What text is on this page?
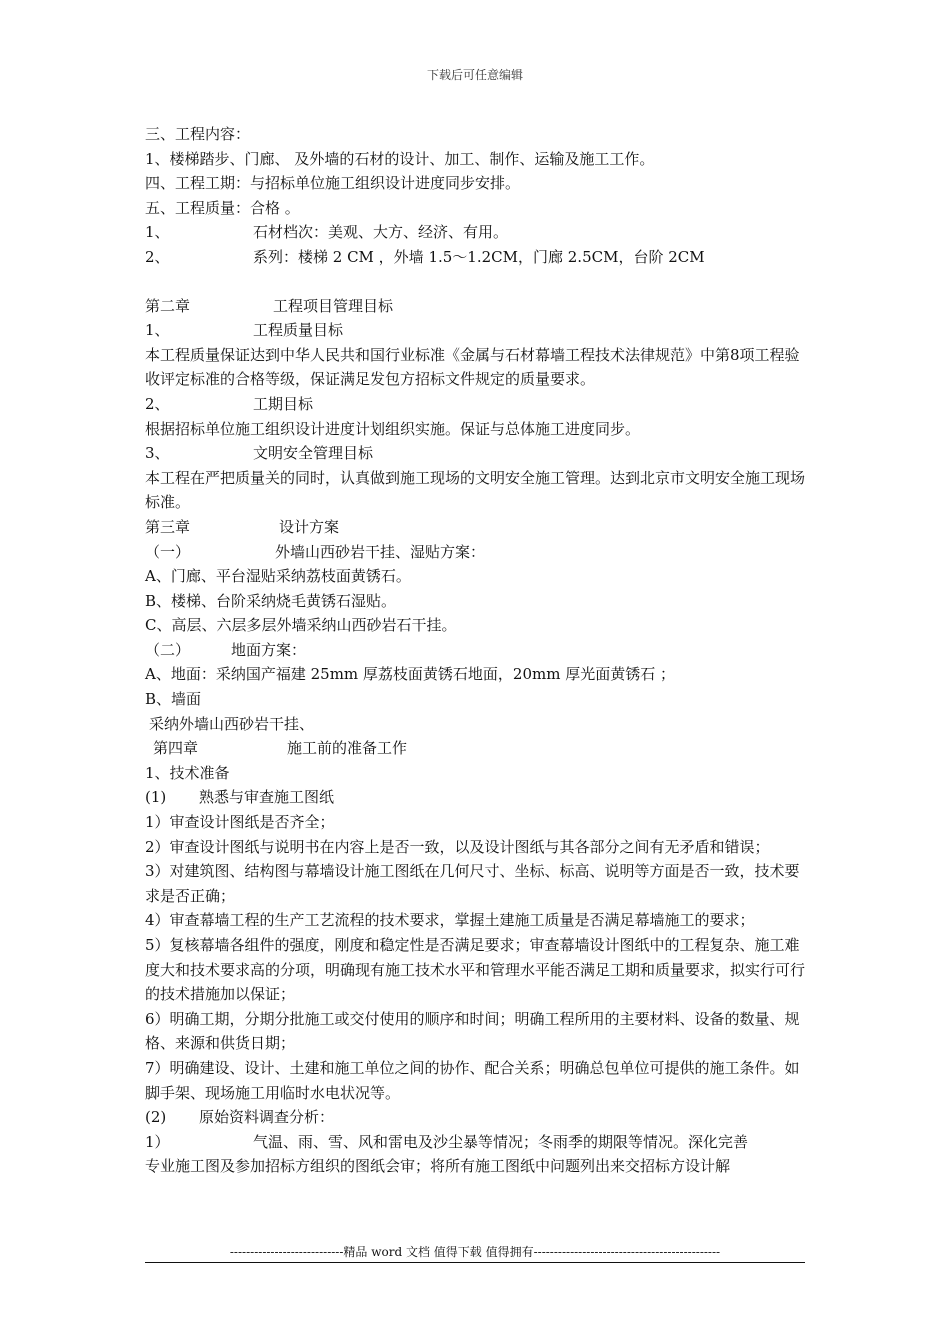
下载后可任意编辑
三、工程内容：
1、楼梯踏步、门廊、 及外墙的石材的设计、加工、制作、运输及施工工作。
四、工程工期：与招标单位施工组织设计进度同步安排。
五、工程质量：合格 。
1、	石材档次：美观、大方、经济、有用。
2、	系列：楼梯 2 CM ，外墙 1.5～1.2CM，门廊 2.5CM，台阶 2CM
第二章	工程项目管理目标
1、	工程质量目标
本工程质量保证达到中华人民共和国行业标准《金属与石材幕墙工程技术法律规范》中第8项工程验收评定标准的合格等级，保证满足发包方招标文件规定的质量要求。
2、	工期目标
根据招标单位施工组织设计进度计划组织实施。保证与总体施工进度同步。
3、	文明安全管理目标
本工程在严把质量关的同时，认真做到施工现场的文明安全施工管理。达到北京市文明安全施工现场标准。
第三章	设计方案
（一）	外墙山西砂岩干挂、湿贴方案：
A、门廊、平台湿贴采纳荔枝面黄锈石。
B、楼梯、台阶采纳烧毛黄锈石湿贴。
C、高层、六层多层外墙采纳山西砂岩石干挂。
（二）	地面方案：
A、地面：采纳国产福建 25mm 厚荔枝面黄锈石地面，20mm 厚光面黄锈石 ；
B、墙面
采纳外墙山西砂岩干挂、
第四章	施工前的准备工作
1、技术准备
(1) 熟悉与审查施工图纸
1）审查设计图纸是否齐全；
2）审查设计图纸与说明书在内容上是否一致，以及设计图纸与其各部分之间有无矛盾和错误；
3）对建筑图、结构图与幕墙设计施工图纸在几何尺寸、坐标、标高、说明等方面是否一致，技术要求是否正确；
4）审查幕墙工程的生产工艺流程的技术要求，掌握土建施工质量是否满足幕墙施工的要求；
5）复核幕墙各组件的强度，刚度和稳定性是否满足要求；审查幕墙设计图纸中的工程复杂、施工难度大和技术要求高的分项，明确现有施工技术水平和管理水平能否满足工期和质量要求，拟实行可行的技术措施加以保证；
6）明确工期，分期分批施工或交付使用的顺序和时间；明确工程所用的主要材料、设备的数量、规格、来源和供货日期；
7）明确建设、设计、土建和施工单位之间的协作、配合关系；明确总包单位可提供的施工条件。如脚手架、现场施工用临时水电状况等。
(2) 原始资料调查分析：
1）	气温、雨、雪、风和雷电及沙尘暴等情况；冬雨季的期限等情况。深化完善
专业施工图及参加招标方组织的图纸会审；将所有施工图纸中问题列出来交招标方设计解
----------------------------精品 word 文档 值得下载 值得拥有----------------------------------------------
